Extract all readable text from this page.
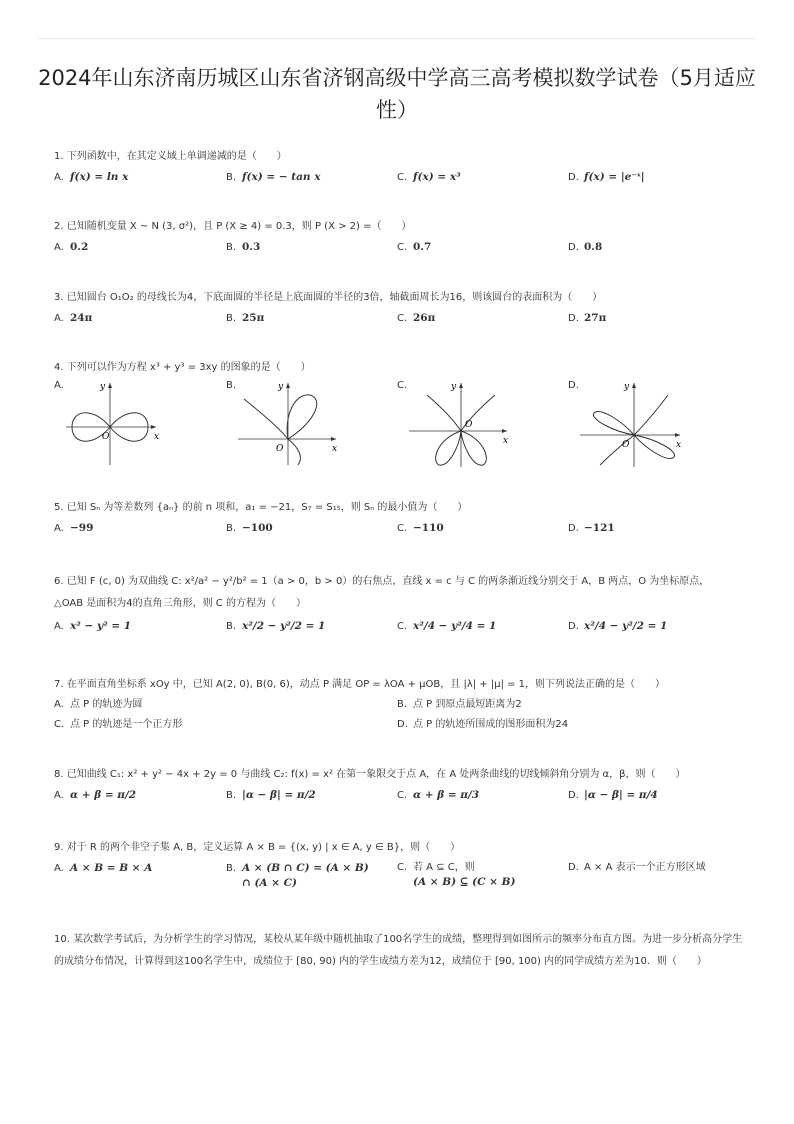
2024年山东济南历城区山东省济钢高级中学高三高考模拟数学试卷（5月适应性）
1. 下列函数中，在其定义域上单调递减的是（　　）
A. f(x) = ln x	B. f(x) = − tan x	C. f(x) = x³	D. f(x) = |e⁻ˣ|
2. 已知随机变量 X ~ N (3, σ²)，且 P (X ≥ 4) = 0.3，则 P (X > 2) =（　　）
A. 0.2	B. 0.3	C. 0.7	D. 0.8
3. 已知圆台 O₁O₂ 的母线长为4，下底面圆的半径是上底面圆的半径的3倍，轴截面周长为16，则该圆台的表面积为（　　）
A. 24π	B. 25π	C. 26π	D. 27π
4. 下列可以作为方程 x³ + y³ = 3xy 的图象的是（　　）
A.
x
y
O
B.
x
y
O
C.
x
y
O
D.
x
y
O
5. 已知 Sₙ 为等差数列 {aₙ} 的前 n 项和，a₁ = −21，S₇ = S₁₅，则 Sₙ 的最小值为（　　）
A. −99	B. −100	C. −110	D. −121
6. 已知 F (c, 0) 为双曲线 C: x²/a² − y²/b² = 1（a > 0，b > 0）的右焦点，直线 x = c 与 C 的两条渐近线分别交于 A，B 两点，O 为坐标原点，
△OAB 是面积为4的直角三角形，则 C 的方程为（　　）
A. x² − y² = 1	B. x²/2 − y²/2 = 1	C. x²/4 − y²/4 = 1	D. x²/4 − y²/2 = 1
7. 在平面直角坐标系 xOy 中，已知 A(2, 0), B(0, 6)，动点 P 满足 OP = λOA + μOB，且 |λ| + |μ| = 1，则下列说法正确的是（　　）
A. 点 P 的轨迹为圆	B. 点 P 到原点最短距离为2
C. 点 P 的轨迹是一个正方形	D. 点 P 的轨迹所围成的图形面积为24
8. 已知曲线 C₁: x² + y² − 4x + 2y = 0 与曲线 C₂: f(x) = x² 在第一象限交于点 A，在 A 处两条曲线的切线倾斜角分别为 α，β，则（　　）
A. α + β = π/2	B. |α − β| = π/2	C. α + β = π/3	D. |α − β| = π/4
9. 对于 R 的两个非空子集 A, B，定义运算 A × B = {(x, y) | x ∈ A, y ∈ B}，则（　　）
A. A × B = B × A	B. A × (B ∩ C) = (A × B)
∩ (A × C)
C. 若 A ⊆ C，则
(A × B) ⊆ (C × B)
D. A × A 表示一个正方形区域
10. 某次数学考试后，为分析学生的学习情况，某校从某年级中随机抽取了100名学生的成绩，整理得到如图所示的频率分布直方图。为进一步分析高分学生的成绩分布情况，计算得到这100名学生中，成绩位于 [80, 90) 内的学生成绩方差为12，成绩位于 [90, 100) 内的同学成绩方差为10．则（　　）
